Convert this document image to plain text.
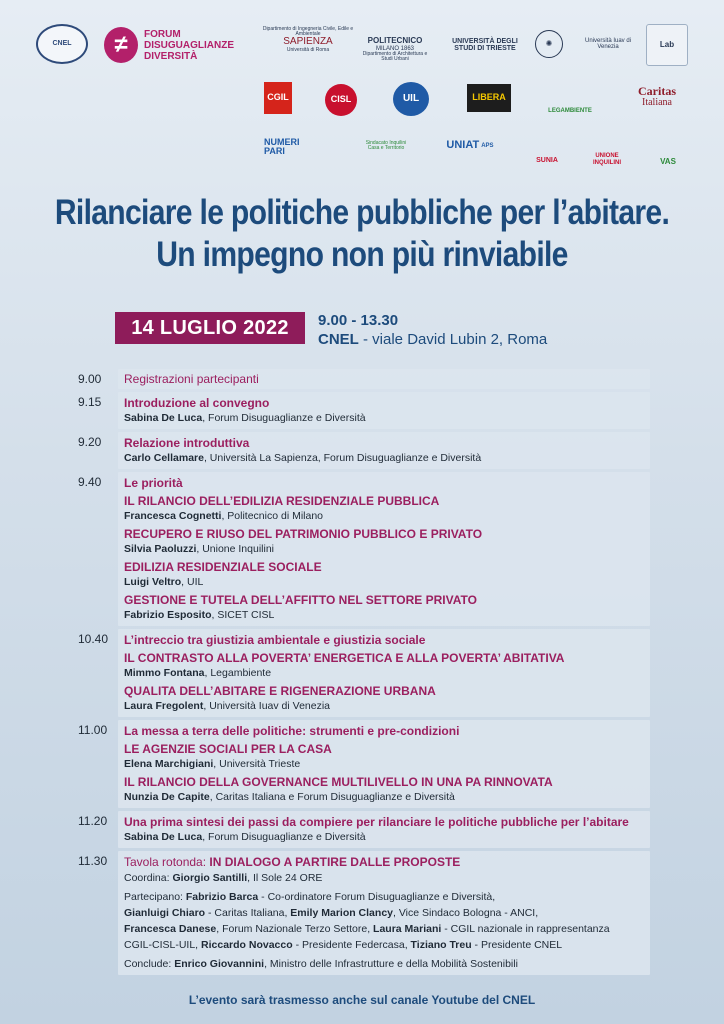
CNEL	≠	FORUM
DISUGUAGLIANZE
DIVERSITÀ
Dipartimento di Ingegneria Civile, Edile e Ambientale
SAPIENZA
Università di Roma
POLITECNICO
MILANO 1863
Dipartimento di Architettura e Studi Urbani
UNIVERSITÀ DEGLI STUDI DI TRIESTE
✺	Università Iuav di Venezia	Lab
CGIL	CISL	UIL	LIBERA
LEGAMBIENTE
Caritas
Italiana
NUMERI
PARI
Sindacato Inquilini
Casa e Territorio	UNIAT APS
SUNIA
UNIONE
INQUILINI	VAS
Rilanciare le politiche pubbliche per l’abitare.
Un impegno non più rinviabile
14 LUGLIO 2022	9.00 - 13.30
CNEL - viale David Lubin 2, Roma
9.00	Registrazioni partecipanti
9.15	Introduzione al convegno
Sabina De Luca, Forum Disuguaglianze e Diversità
9.20	Relazione introduttiva
Carlo Cellamare, Università La Sapienza, Forum Disuguaglianze e Diversità
9.40	Le priorità
IL RILANCIO DELL’EDILIZIA RESIDENZIALE PUBBLICA
Francesca Cognetti, Politecnico di Milano
RECUPERO E RIUSO DEL PATRIMONIO PUBBLICO E PRIVATO
Silvia Paoluzzi, Unione Inquilini
EDILIZIA RESIDENZIALE SOCIALE
Luigi Veltro, UIL
GESTIONE E TUTELA DELL’AFFITTO NEL SETTORE PRIVATO
Fabrizio Esposito, SICET CISL
10.40	L’intreccio tra giustizia ambientale e giustizia sociale
IL CONTRASTO ALLA POVERTA’ ENERGETICA E ALLA POVERTA’ ABITATIVA
Mimmo Fontana, Legambiente
QUALITA DELL’ABITARE E RIGENERAZIONE URBANA
Laura Fregolent, Università Iuav di Venezia
11.00	La messa a terra delle politiche: strumenti e pre-condizioni
LE AGENZIE SOCIALI PER LA CASA
Elena Marchigiani, Università Trieste
IL RILANCIO DELLA GOVERNANCE MULTILIVELLO IN UNA PA RINNOVATA
Nunzia De Capite, Caritas Italiana e Forum Disuguaglianze e Diversità
11.20	Una prima sintesi dei passi da compiere per rilanciare le politiche pubbliche per l’abitare
Sabina De Luca, Forum Disuguaglianze e Diversità
11.30	Tavola rotonda: IN DIALOGO A PARTIRE DALLE PROPOSTE
Coordina: Giorgio Santilli, Il Sole 24 ORE
Partecipano: Fabrizio Barca - Co-ordinatore Forum Disuguaglianze e Diversità,
Gianluigi Chiaro - Caritas Italiana, Emily Marion Clancy, Vice Sindaco Bologna - ANCI,
Francesca Danese, Forum Nazionale Terzo Settore, Laura Mariani - CGIL nazionale in rappresentanza
CGIL-CISL-UIL, Riccardo Novacco - Presidente Federcasa, Tiziano Treu - Presidente CNEL
Conclude: Enrico Giovannini, Ministro delle Infrastrutture e della Mobilità Sostenibili
L’evento sarà trasmesso anche sul canale Youtube del CNEL
